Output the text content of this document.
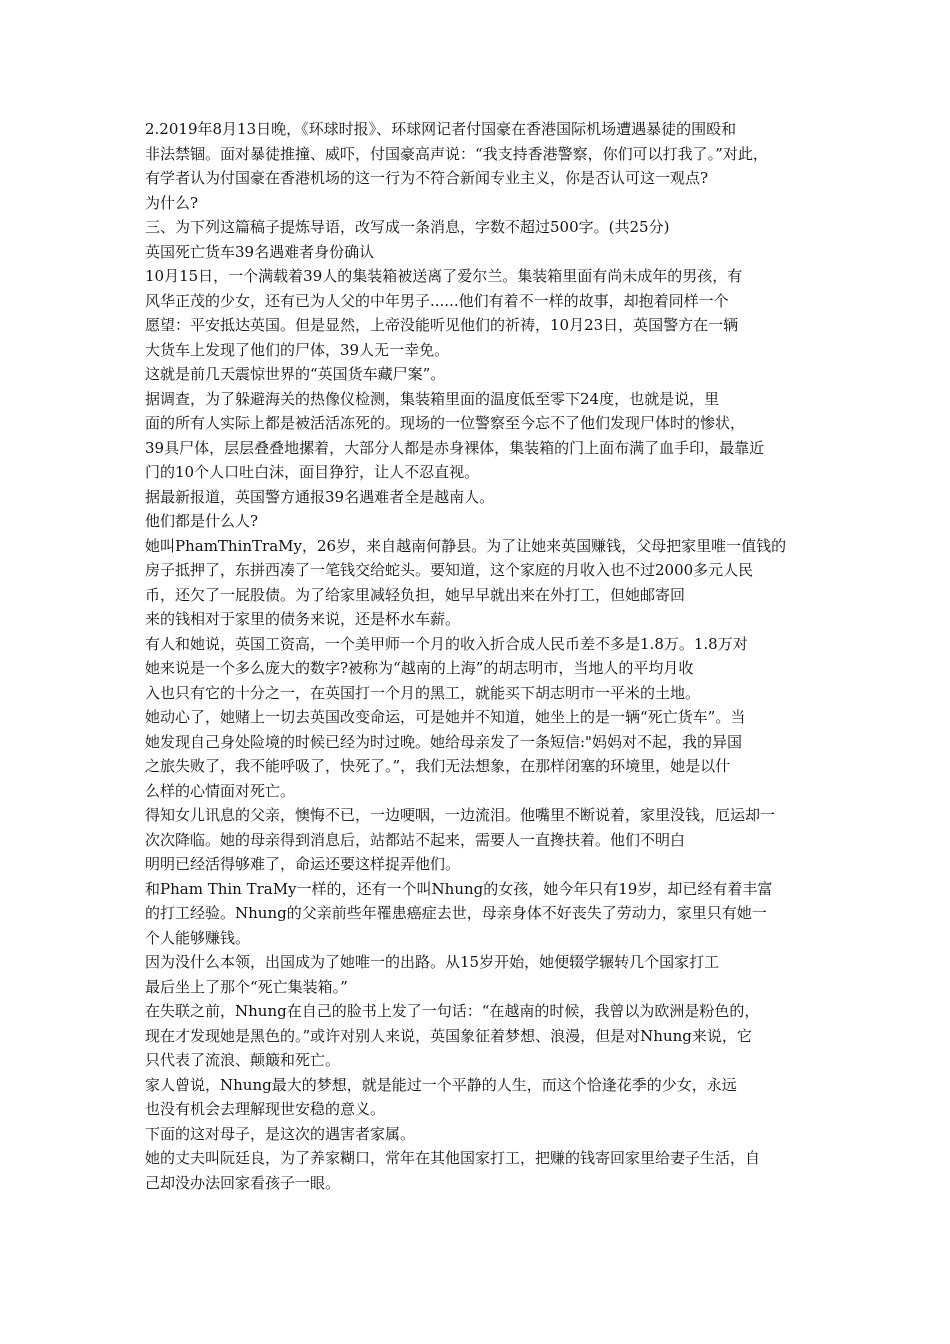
2.2019年8月13日晚，《环球时报》、环球网记者付国豪在香港国际机场遭遇暴徒的围殴和
非法禁锢。面对暴徒推撞、威吓，付国豪高声说：“我支持香港警察，你们可以打我了。”对此，
有学者认为付国豪在香港机场的这一行为不符合新闻专业主义，你是否认可这一观点?
为什么?
三、为下列这篇稿子提炼导语，改写成一条消息，字数不超过500字。(共25分)
英国死亡货车39名遇难者身份确认
10月15日，一个满载着39人的集装箱被送离了爱尔兰。集装箱里面有尚未成年的男孩，有
风华正茂的少女，还有已为人父的中年男子......他们有着不一样的故事，却抱着同样一个
愿望：平安抵达英国。但是显然，上帝没能听见他们的祈祷，10月23日，英国警方在一辆
大货车上发现了他们的尸体，39人无一幸免。
这就是前几天震惊世界的“英国货车藏尸案”。
据调查，为了躲避海关的热像仪检测，集装箱里面的温度低至零下24度，也就是说，里
面的所有人实际上都是被活活冻死的。现场的一位警察至今忘不了他们发现尸体时的惨状，
39具尸体，层层叠叠地摞着，大部分人都是赤身裸体，集装箱的门上面布满了血手印，最靠近
门的10个人口吐白沫，面目狰狞，让人不忍直视。
据最新报道，英国警方通报39名遇难者全是越南人。
他们都是什么人?
她叫PhamThinTraMy，26岁，来自越南何静县。为了让她来英国赚钱，父母把家里唯一值钱的
房子抵押了，东拼西凑了一笔钱交给蛇头。要知道，这个家庭的月收入也不过2000多元人民
币，还欠了一屁股债。为了给家里减轻负担，她早早就出来在外打工，但她邮寄回
来的钱相对于家里的债务来说，还是杯水车薪。
有人和她说，英国工资高，一个美甲师一个月的收入折合成人民币差不多是1.8万。1.8万对
她来说是一个多么庞大的数字?被称为“越南的上海”的胡志明市，当地人的平均月收
入也只有它的十分之一，在英国打一个月的黑工，就能买下胡志明市一平米的土地。
她动心了，她赌上一切去英国改变命运，可是她并不知道，她坐上的是一辆“死亡货车”。当
她发现自己身处险境的时候已经为时过晚。她给母亲发了一条短信:"妈妈对不起，我的异国
之旅失败了，我不能呼吸了，快死了。”，我们无法想象，在那样闭塞的环境里，她是以什
么样的心情面对死亡。
得知女儿讯息的父亲，懊悔不已，一边哽咽，一边流泪。他嘴里不断说着，家里没钱，厄运却一
次次降临。她的母亲得到消息后，站都站不起来，需要人一直搀扶着。他们不明白
明明已经活得够难了，命运还要这样捉弄他们。
和Pham Thin TraMy一样的，还有一个叫Nhung的女孩，她今年只有19岁，却已经有着丰富
的打工经验。Nhung的父亲前些年罹患癌症去世，母亲身体不好丧失了劳动力，家里只有她一
个人能够赚钱。
因为没什么本领，出国成为了她唯一的出路。从15岁开始，她便辍学辗转几个国家打工
最后坐上了那个“死亡集装箱。”
在失联之前，Nhung在自己的脸书上发了一句话：“在越南的时候，我曾以为欧洲是粉色的，
现在才发现她是黑色的。”或许对别人来说，英国象征着梦想、浪漫，但是对Nhung来说，它
只代表了流浪、颠簸和死亡。
家人曾说，Nhung最大的梦想，就是能过一个平静的人生，而这个恰逢花季的少女，永远
也没有机会去理解现世安稳的意义。
下面的这对母子，是这次的遇害者家属。
她的丈夫叫阮廷良，为了养家糊口，常年在其他国家打工，把赚的钱寄回家里给妻子生活，自
己却没办法回家看孩子一眼。
